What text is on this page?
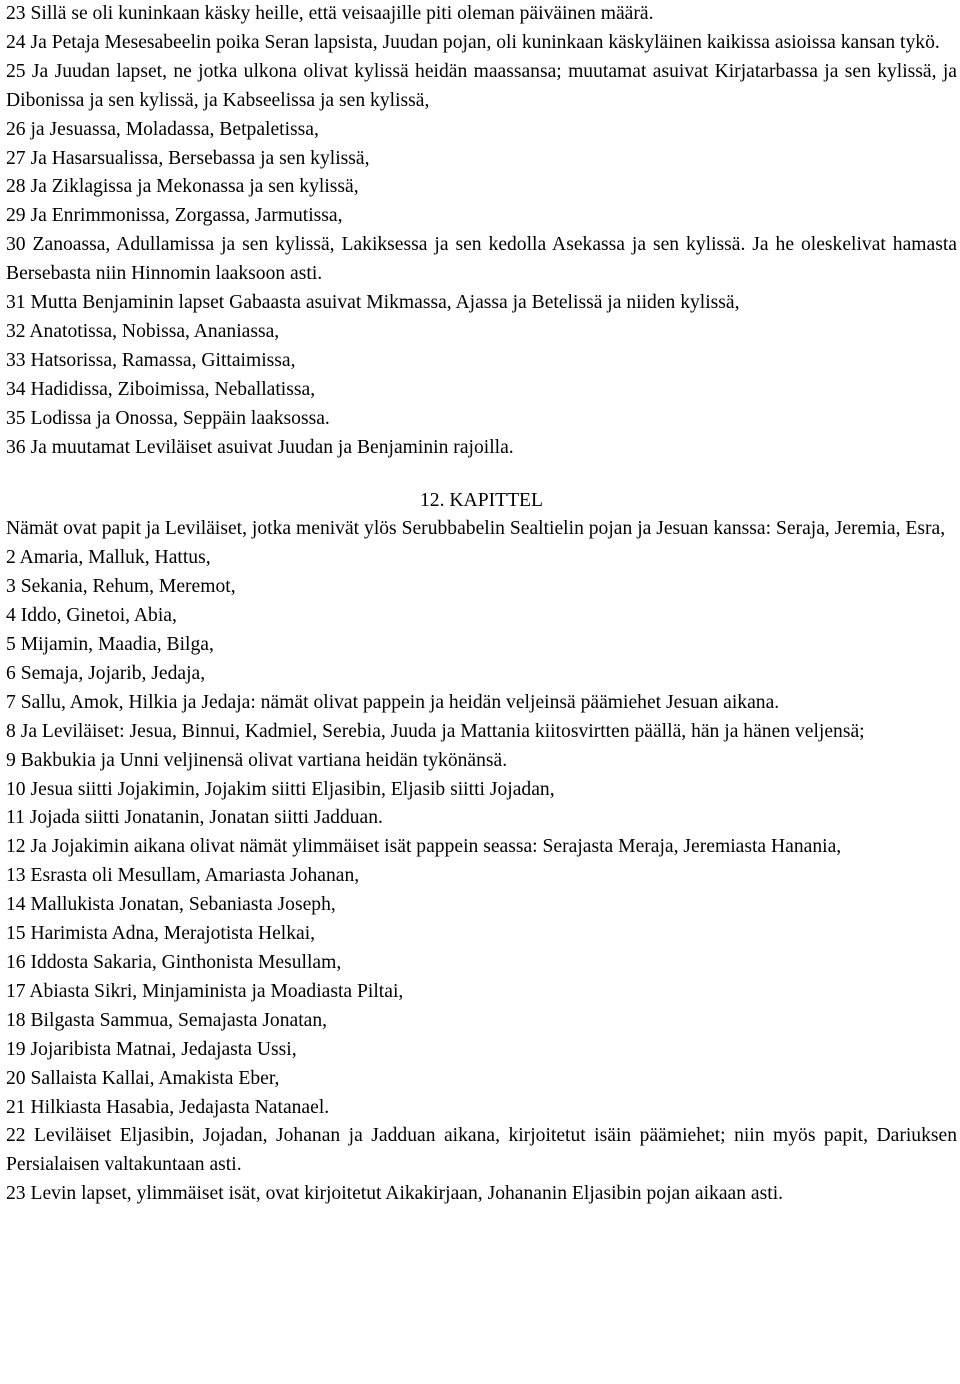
23 Sillä se oli kuninkaan käsky heille, että veisaajille piti oleman päiväinen määrä.

24 Ja Petaja Mesesabeelin poika Seran lapsista, Juudan pojan, oli kuninkaan käskyläinen kaikissa asioissa kansan tykö.

25 Ja Juudan lapset, ne jotka ulkona olivat kylissä heidän maassansa; muutamat asuivat Kirjatarbassa ja sen kylissä, ja Dibonissa ja sen kylissä, ja Kabseelissa ja sen kylissä,

26 ja Jesuassa, Moladassa, Betpaletissa,

27 Ja Hasarsualissa, Bersebassa ja sen kylissä,

28 Ja Ziklagissa ja Mekonassa ja sen kylissä,

29 Ja Enrimmonissa, Zorgassa, Jarmutissa,

30 Zanoassa, Adullamissa ja sen kylissä, Lakiksessa ja sen kedolla Asekassa ja sen kylissä. Ja he oleskelivat hamasta Bersebasta niin Hinnomin laaksoon asti.

31 Mutta Benjaminin lapset Gabaasta asuivat Mikmassa, Ajassa ja Betelissä ja niiden kylissä,

32 Anatotissa, Nobissa, Ananiassa,

33 Hatsorissa, Ramassa, Gittaimissa,

34 Hadidissa, Ziboimissa, Neballatissa,

35 Lodissa ja Onossa, Seppäin laaksossa.

36 Ja muutamat Leviläiset asuivat Juudan ja Benjaminin rajoilla.

12. KAPITTEL

Nämät ovat papit ja Leviläiset, jotka menivät ylös Serubbabelin Sealtielin pojan ja Jesuan kanssa: Seraja, Jeremia, Esra,

2 Amaria, Malluk, Hattus,

3 Sekania, Rehum, Meremot,

4 Iddo, Ginetoi, Abia,

5 Mijamin, Maadia, Bilga,

6 Semaja, Jojarib, Jedaja,

7 Sallu, Amok, Hilkia ja Jedaja: nämät olivat pappein ja heidän veljeinsä päämiehet Jesuan aikana.

8 Ja Leviläiset: Jesua, Binnui, Kadmiel, Serebia, Juuda ja Mattania kiitosvirtten päällä, hän ja hänen veljensä;

9 Bakbukia ja Unni veljinensä olivat vartiana heidän tykönänsä.

10 Jesua siitti Jojakimin, Jojakim siitti Eljasibin, Eljasib siitti Jojadan,

11 Jojada siitti Jonatanin, Jonatan siitti Jadduan.

12 Ja Jojakimin aikana olivat nämät ylimmäiset isät pappein seassa: Serajasta Meraja, Jeremiasta Hanania,

13 Esrasta oli Mesullam, Amariasta Johanan,

14 Mallukista Jonatan, Sebaniasta Joseph,

15 Harimista Adna, Merajotista Helkai,

16 Iddosta Sakaria, Ginthonista Mesullam,

17 Abiasta Sikri, Minjaminista ja Moadiasta Piltai,

18 Bilgasta Sammua, Semajasta Jonatan,

19 Jojaribista Matnai, Jedajasta Ussi,

20 Sallaista Kallai, Amakista Eber,

21 Hilkiasta Hasabia, Jedajasta Natanael.

22 Leviläiset Eljasibin, Jojadan, Johanan ja Jadduan aikana, kirjoitetut isäin päämiehet; niin myös papit, Dariuksen Persialaisen valtakuntaan asti.

23 Levin lapset, ylimmäiset isät, ovat kirjoitetut Aikakirjaan, Johananin Eljasibin pojan aikaan asti.
